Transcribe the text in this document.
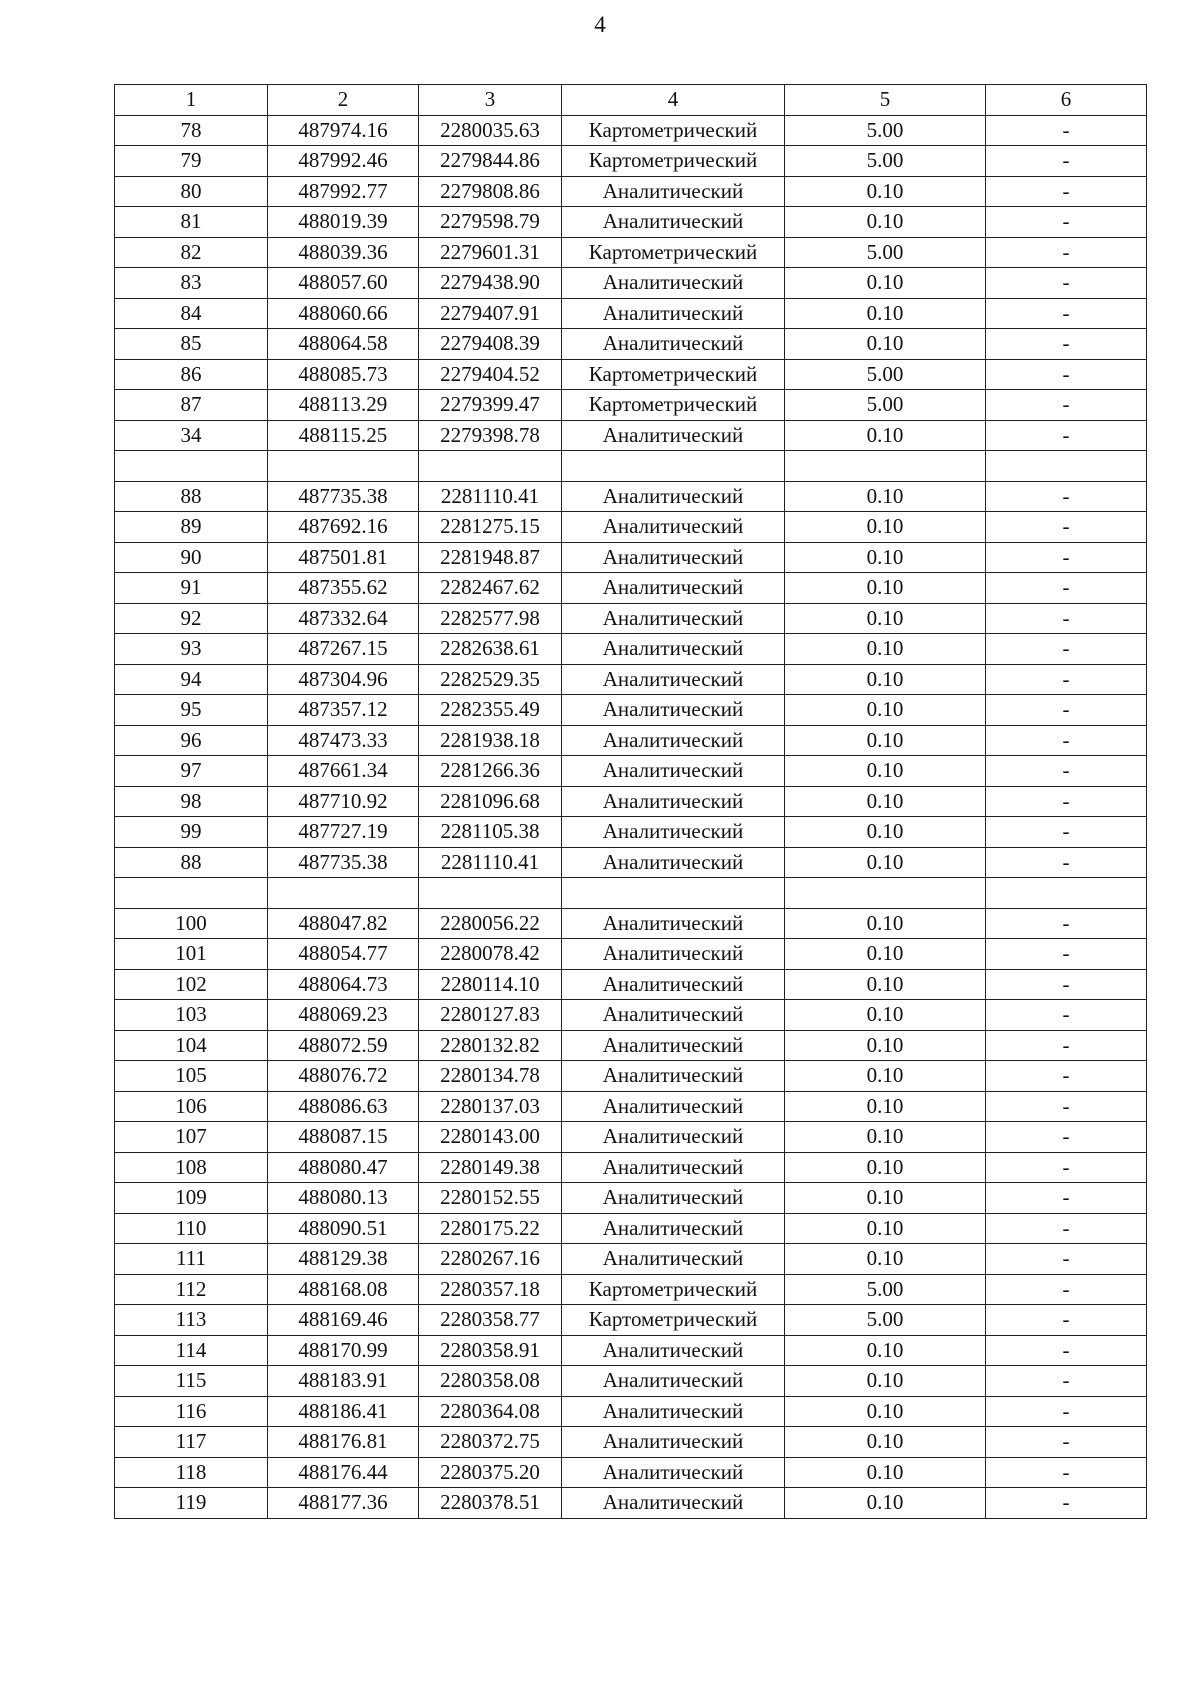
4
1	2	3	4	5	6
78	487974.16	2280035.63	Картометрический	5.00	-
79	487992.46	2279844.86	Картометрический	5.00	-
80	487992.77	2279808.86	Аналитический	0.10	-
81	488019.39	2279598.79	Аналитический	0.10	-
82	488039.36	2279601.31	Картометрический	5.00	-
83	488057.60	2279438.90	Аналитический	0.10	-
84	488060.66	2279407.91	Аналитический	0.10	-
85	488064.58	2279408.39	Аналитический	0.10	-
86	488085.73	2279404.52	Картометрический	5.00	-
87	488113.29	2279399.47	Картометрический	5.00	-
34	488115.25	2279398.78	Аналитический	0.10	-

88	487735.38	2281110.41	Аналитический	0.10	-
89	487692.16	2281275.15	Аналитический	0.10	-
90	487501.81	2281948.87	Аналитический	0.10	-
91	487355.62	2282467.62	Аналитический	0.10	-
92	487332.64	2282577.98	Аналитический	0.10	-
93	487267.15	2282638.61	Аналитический	0.10	-
94	487304.96	2282529.35	Аналитический	0.10	-
95	487357.12	2282355.49	Аналитический	0.10	-
96	487473.33	2281938.18	Аналитический	0.10	-
97	487661.34	2281266.36	Аналитический	0.10	-
98	487710.92	2281096.68	Аналитический	0.10	-
99	487727.19	2281105.38	Аналитический	0.10	-
88	487735.38	2281110.41	Аналитический	0.10	-

100	488047.82	2280056.22	Аналитический	0.10	-
101	488054.77	2280078.42	Аналитический	0.10	-
102	488064.73	2280114.10	Аналитический	0.10	-
103	488069.23	2280127.83	Аналитический	0.10	-
104	488072.59	2280132.82	Аналитический	0.10	-
105	488076.72	2280134.78	Аналитический	0.10	-
106	488086.63	2280137.03	Аналитический	0.10	-
107	488087.15	2280143.00	Аналитический	0.10	-
108	488080.47	2280149.38	Аналитический	0.10	-
109	488080.13	2280152.55	Аналитический	0.10	-
110	488090.51	2280175.22	Аналитический	0.10	-
111	488129.38	2280267.16	Аналитический	0.10	-
112	488168.08	2280357.18	Картометрический	5.00	-
113	488169.46	2280358.77	Картометрический	5.00	-
114	488170.99	2280358.91	Аналитический	0.10	-
115	488183.91	2280358.08	Аналитический	0.10	-
116	488186.41	2280364.08	Аналитический	0.10	-
117	488176.81	2280372.75	Аналитический	0.10	-
118	488176.44	2280375.20	Аналитический	0.10	-
119	488177.36	2280378.51	Аналитический	0.10	-
